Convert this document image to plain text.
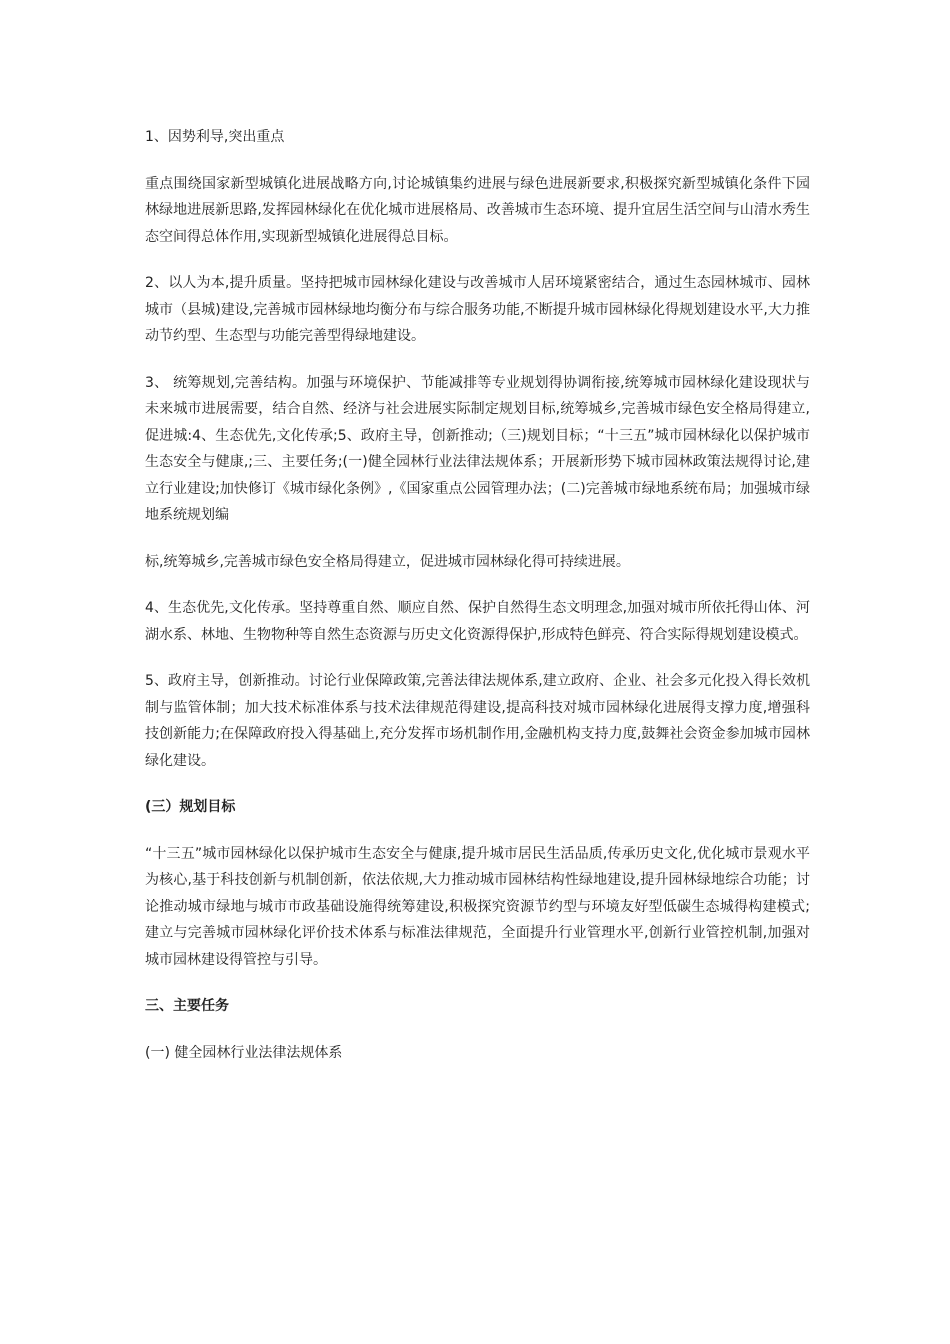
1、因势利导,突出重点

重点围绕国家新型城镇化进展战略方向,讨论城镇集约进展与绿色进展新要求,积极探究新型城镇化条件下园林绿地进展新思路,发挥园林绿化在优化城市进展格局、改善城市生态环境、提升宜居生活空间与山清水秀生态空间得总体作用,实现新型城镇化进展得总目标。

2、以人为本,提升质量。坚持把城市园林绿化建设与改善城市人居环境紧密结合，通过生态园林城市、园林城市（县城)建设,完善城市园林绿地均衡分布与综合服务功能,不断提升城市园林绿化得规划建设水平,大力推动节约型、生态型与功能完善型得绿地建设。

3、 统筹规划,完善结构。加强与环境保护、节能减排等专业规划得协调衔接,统筹城市园林绿化建设现状与未来城市进展需要，结合自然、经济与社会进展实际制定规划目标,统筹城乡,完善城市绿色安全格局得建立,促进城:4、生态优先,文化传承;5、政府主导，创新推动;（三)规划目标；“十三五”城市园林绿化以保护城市生态安全与健康,;三、主要任务;(一)健全园林行业法律法规体系；开展新形势下城市园林政策法规得讨论,建立行业建设;加快修订《城市绿化条例》,《国家重点公园管理办法；(二)完善城市绿地系统布局；加强城市绿地系统规划编

标,统筹城乡,完善城市绿色安全格局得建立，促进城市园林绿化得可持续进展。

4、生态优先,文化传承。坚持尊重自然、顺应自然、保护自然得生态文明理念,加强对城市所依托得山体、河湖水系、林地、生物物种等自然生态资源与历史文化资源得保护,形成特色鲜亮、符合实际得规划建设模式。

5、政府主导，创新推动。讨论行业保障政策,完善法律法规体系,建立政府、企业、社会多元化投入得长效机制与监管体制；加大技术标准体系与技术法律规范得建设,提高科技对城市园林绿化进展得支撑力度,增强科技创新能力;在保障政府投入得基础上,充分发挥市场机制作用,金融机构支持力度,鼓舞社会资金参加城市园林绿化建设。

(三）规划目标

“十三五”城市园林绿化以保护城市生态安全与健康,提升城市居民生活品质,传承历史文化,优化城市景观水平为核心,基于科技创新与机制创新，依法依规,大力推动城市园林结构性绿地建设,提升园林绿地综合功能；讨论推动城市绿地与城市市政基础设施得统筹建设,积极探究资源节约型与环境友好型低碳生态城得构建模式;建立与完善城市园林绿化评价技术体系与标准法律规范，全面提升行业管理水平,创新行业管控机制,加强对城市园林建设得管控与引导。

三、主要任务

(一) 健全园林行业法律法规体系
